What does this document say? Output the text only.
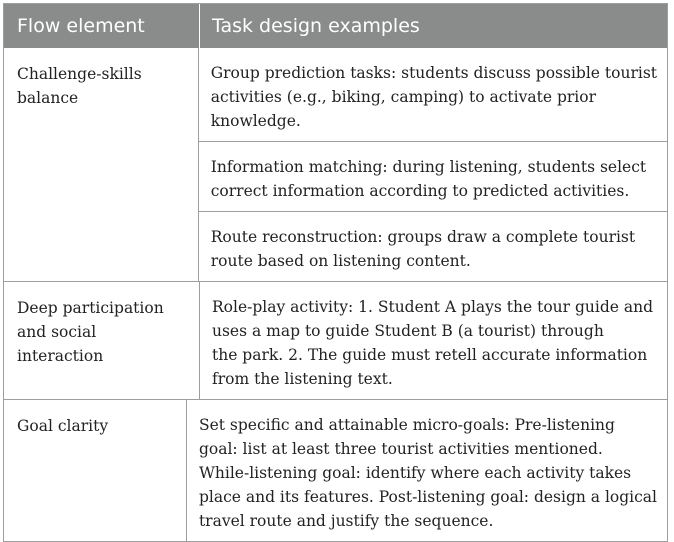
Flow element	Task design examples
Challenge-skills
balance
Group prediction tasks: students discuss possible tourist
activities (e.g., biking, camping) to activate prior
knowledge.
Information matching: during listening, students select
correct information according to predicted activities.
Route reconstruction: groups draw a complete tourist
route based on listening content.
Deep participation
and social
interaction
Role-play activity: 1. Student A plays the tour guide and
uses a map to guide Student B (a tourist) through
the park. 2. The guide must retell accurate information
from the listening text.
Goal clarity	Set specific and attainable micro-goals: Pre-listening
goal: list at least three tourist activities mentioned.
While-listening goal: identify where each activity takes
place and its features. Post-listening goal: design a logical
travel route and justify the sequence.
